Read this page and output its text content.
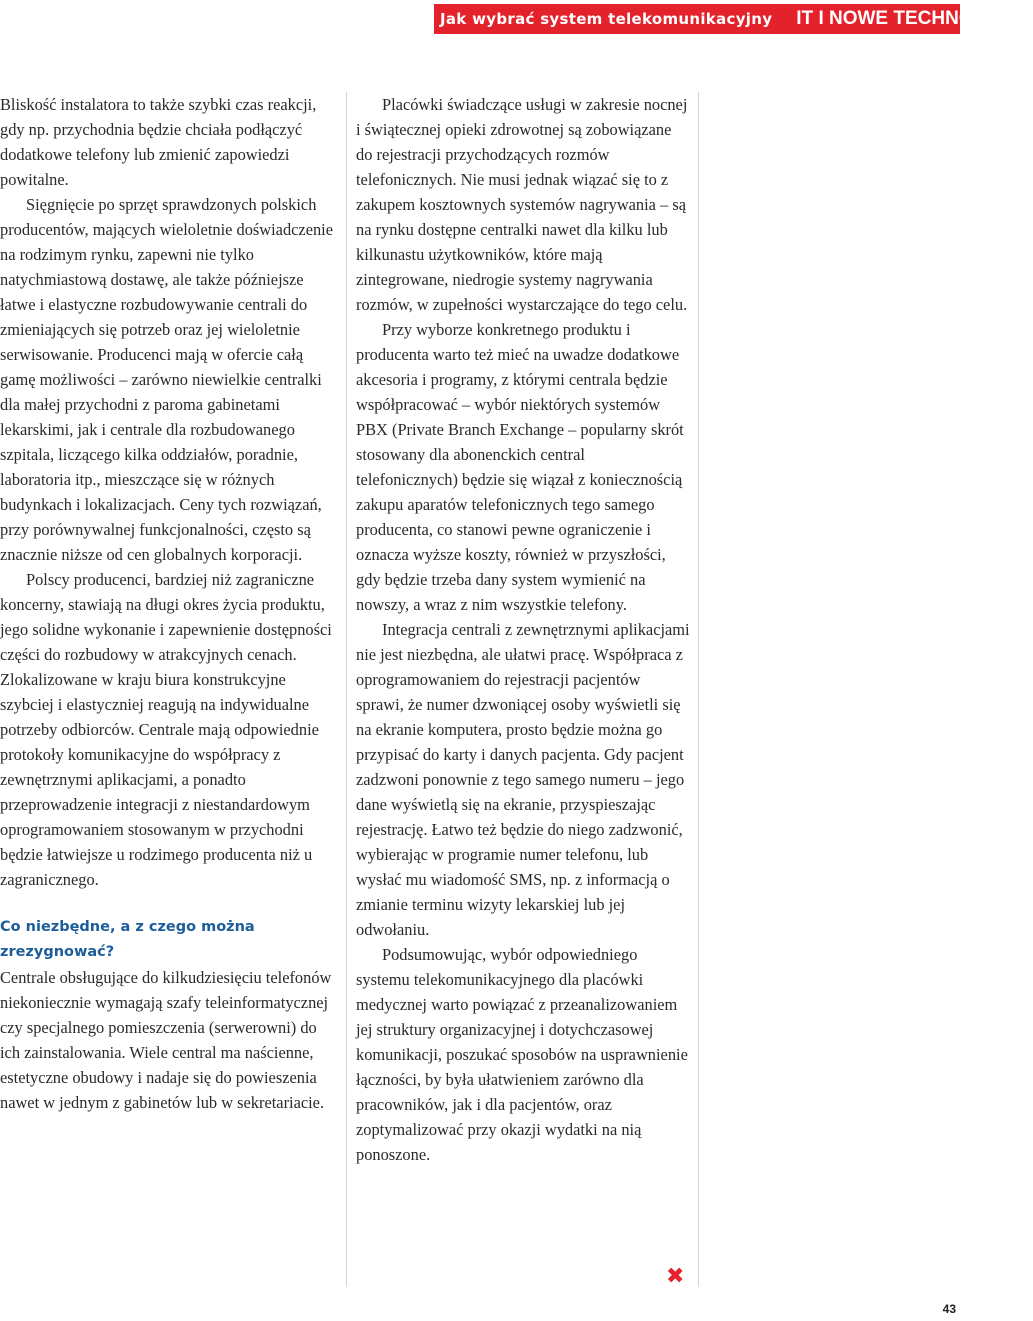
Jak wybrać system telekomunikacyjny	IT I NOWE TECHNOLOGIE

Bliskość instalatora to także szybki czas reakcji, gdy np. przychodnia będzie chciała podłączyć dodatkowe telefony lub zmienić zapowiedzi powitalne.

Sięgnięcie po sprzęt sprawdzonych polskich producentów, mających wieloletnie doświadczenie na rodzimym rynku, zapewni nie tylko natychmiastową dostawę, ale także późniejsze łatwe i elastyczne rozbudowywanie centrali do zmieniających się potrzeb oraz jej wieloletnie serwisowanie. Producenci mają w ofercie całą gamę możliwości – zarówno niewielkie centralki dla małej przychodni z paroma gabinetami lekarskimi, jak i centrale dla rozbudowanego szpitala, liczącego kilka oddziałów, poradnie, laboratoria itp., mieszczące się w różnych budynkach i lokalizacjach. Ceny tych rozwiązań, przy porównywalnej funkcjonalności, często są znacznie niższe od cen globalnych korporacji.

Polscy producenci, bardziej niż zagraniczne koncerny, stawiają na długi okres życia produktu, jego solidne wykonanie i zapewnienie dostępności części do rozbudowy w atrakcyjnych cenach. Zlokalizowane w kraju biura konstrukcyjne szybciej i elastyczniej reagują na indywidualne potrzeby odbiorców. Centrale mają odpowiednie protokoły komunikacyjne do współpracy z zewnętrznymi aplikacjami, a ponadto przeprowadzenie integracji z niestandardowym oprogramowaniem stosowanym w przychodni będzie łatwiejsze u rodzimego producenta niż u zagranicznego.

Co niezbędne, a z czego można zrezygnować?

Centrale obsługujące do kilkudziesięciu telefonów niekoniecznie wymagają szafy teleinformatycznej czy specjalnego pomieszczenia (serwerowni) do ich zainstalowania. Wiele central ma naścienne, estetyczne obudowy i nadaje się do powieszenia nawet w jednym z gabinetów lub w sekretariacie.

Placówki świadczące usługi w zakresie nocnej i świątecznej opieki zdrowotnej są zobowiązane do rejestracji przychodzących rozmów telefonicznych. Nie musi jednak wiązać się to z zakupem kosztownych systemów nagrywania – są na rynku dostępne centralki nawet dla kilku lub kilkunastu użytkowników, które mają zintegrowane, niedrogie systemy nagrywania rozmów, w zupełności wystarczające do tego celu.

Przy wyborze konkretnego produktu i producenta warto też mieć na uwadze dodatkowe akcesoria i programy, z którymi centrala będzie współpracować – wybór niektórych systemów PBX (Private Branch Exchange – popularny skrót stosowany dla abonenckich central telefonicznych) będzie się wiązał z koniecznością zakupu aparatów telefonicznych tego samego producenta, co stanowi pewne ograniczenie i oznacza wyższe koszty, również w przyszłości, gdy będzie trzeba dany system wymienić na nowszy, a wraz z nim wszystkie telefony.

Integracja centrali z zewnętrznymi aplikacjami nie jest niezbędna, ale ułatwi pracę. Współpraca z oprogramowaniem do rejestracji pacjentów sprawi, że numer dzwoniącej osoby wyświetli się na ekranie komputera, prosto będzie można go przypisać do karty i danych pacjenta. Gdy pacjent zadzwoni ponownie z tego samego numeru – jego dane wyświetlą się na ekranie, przyspieszając rejestrację. Łatwo też będzie do niego zadzwonić, wybierając w programie numer telefonu, lub wysłać mu wiadomość SMS, np. z informacją o zmianie terminu wizyty lekarskiej lub jej odwołaniu.

Podsumowując, wybór odpowiedniego systemu telekomunikacyjnego dla placówki medycznej warto powiązać z przeanalizowaniem jej struktury organizacyjnej i dotychczasowej komunikacji, poszukać sposobów na usprawnienie łączności, by była ułatwieniem zarówno dla pracowników, jak i dla pacjentów, oraz zoptymalizować przy okazji wydatki na nią ponoszone.

✖
43
